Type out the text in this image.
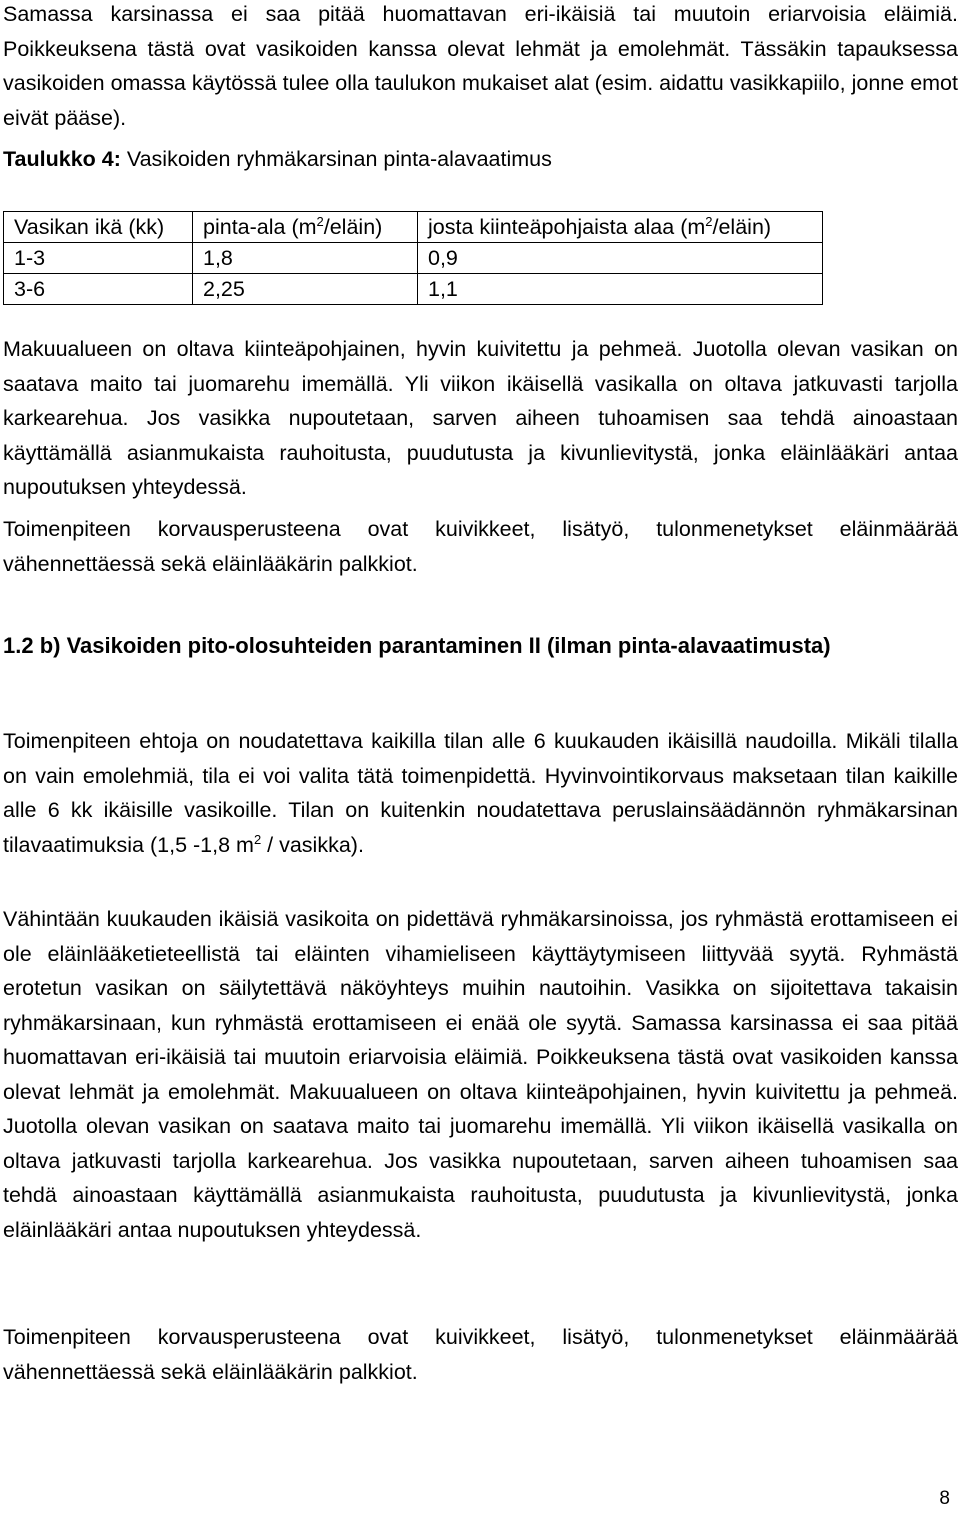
Samassa karsinassa ei saa pitää huomattavan eri-ikäisiä tai muutoin eriarvoisia eläimiä. Poikkeuksena tästä ovat vasikoiden kanssa olevat lehmät ja emolehmät. Tässäkin tapauksessa vasikoiden omassa käytössä tulee olla taulukon mukaiset alat (esim. aidattu vasikkapiilo, jonne emot eivät pääse).

Taulukko 4: Vasikoiden ryhmäkarsinan pinta-alavaatimus

Vasikan ikä (kk)	pinta-ala $(m^2/eläin)$	josta kiinteäpohjaista alaa $(m^2/eläin)$
1-3	1,8	0,9
3-6	2,25	1,1

Makuualueen on oltava kiinteäpohjainen, hyvin kuivitettu ja pehmeä. Juotolla olevan vasikan on saatava maito tai juomarehu imemällä. Yli viikon ikäisellä vasikalla on oltava jatkuvasti tarjolla karkearehua. Jos vasikka nupoutetaan, sarven aiheen tuhoamisen saa tehdä ainoastaan käyttämällä asianmukaista rauhoitusta, puudutusta ja kivunlievitystä, jonka eläinlääkäri antaa nupoutuksen yhteydessä.

Toimenpiteen korvausperusteena ovat kuivikkeet, lisätyö, tulonmenetykset eläinmäärää vähennettäessä sekä eläinlääkärin palkkiot.

1.2 b) Vasikoiden pito-olosuhteiden parantaminen II (ilman pinta-alavaatimusta)

Toimenpiteen ehtoja on noudatettava kaikilla tilan alle 6 kuukauden ikäisillä naudoilla. Mikäli tilalla on vain emolehmiä, tila ei voi valita tätä toimenpidettä. Hyvinvointikorvaus maksetaan tilan kaikille alle 6 kk ikäisille vasikoille. Tilan on kuitenkin noudatettava peruslainsäädännön ryhmäkarsinan tilavaatimuksia (1,5 -1,8 $m^2$ / vasikka).

Vähintään kuukauden ikäisiä vasikoita on pidettävä ryhmäkarsinoissa, jos ryhmästä erottamiseen ei ole eläinlääketieteellistä tai eläinten vihamieliseen käyttäytymiseen liittyvää syytä. Ryhmästä erotetun vasikan on säilytettävä näköyhteys muihin nautoihin. Vasikka on sijoitettava takaisin ryhmäkarsinaan, kun ryhmästä erottamiseen ei enää ole syytä. Samassa karsinassa ei saa pitää huomattavan eri-ikäisiä tai muutoin eriarvoisia eläimiä. Poikkeuksena tästä ovat vasikoiden kanssa olevat lehmät ja emolehmät. Makuualueen on oltava kiinteäpohjainen, hyvin kuivitettu ja pehmeä. Juotolla olevan vasikan on saatava maito tai juomarehu imemällä. Yli viikon ikäisellä vasikalla on oltava jatkuvasti tarjolla karkearehua. Jos vasikka nupoutetaan, sarven aiheen tuhoamisen saa tehdä ainoastaan käyttämällä asianmukaista rauhoitusta, puudutusta ja kivunlievitystä, jonka eläinlääkäri antaa nupoutuksen yhteydessä.

Toimenpiteen korvausperusteena ovat kuivikkeet, lisätyö, tulonmenetykset eläinmäärää vähennettäessä sekä eläinlääkärin palkkiot.

8
